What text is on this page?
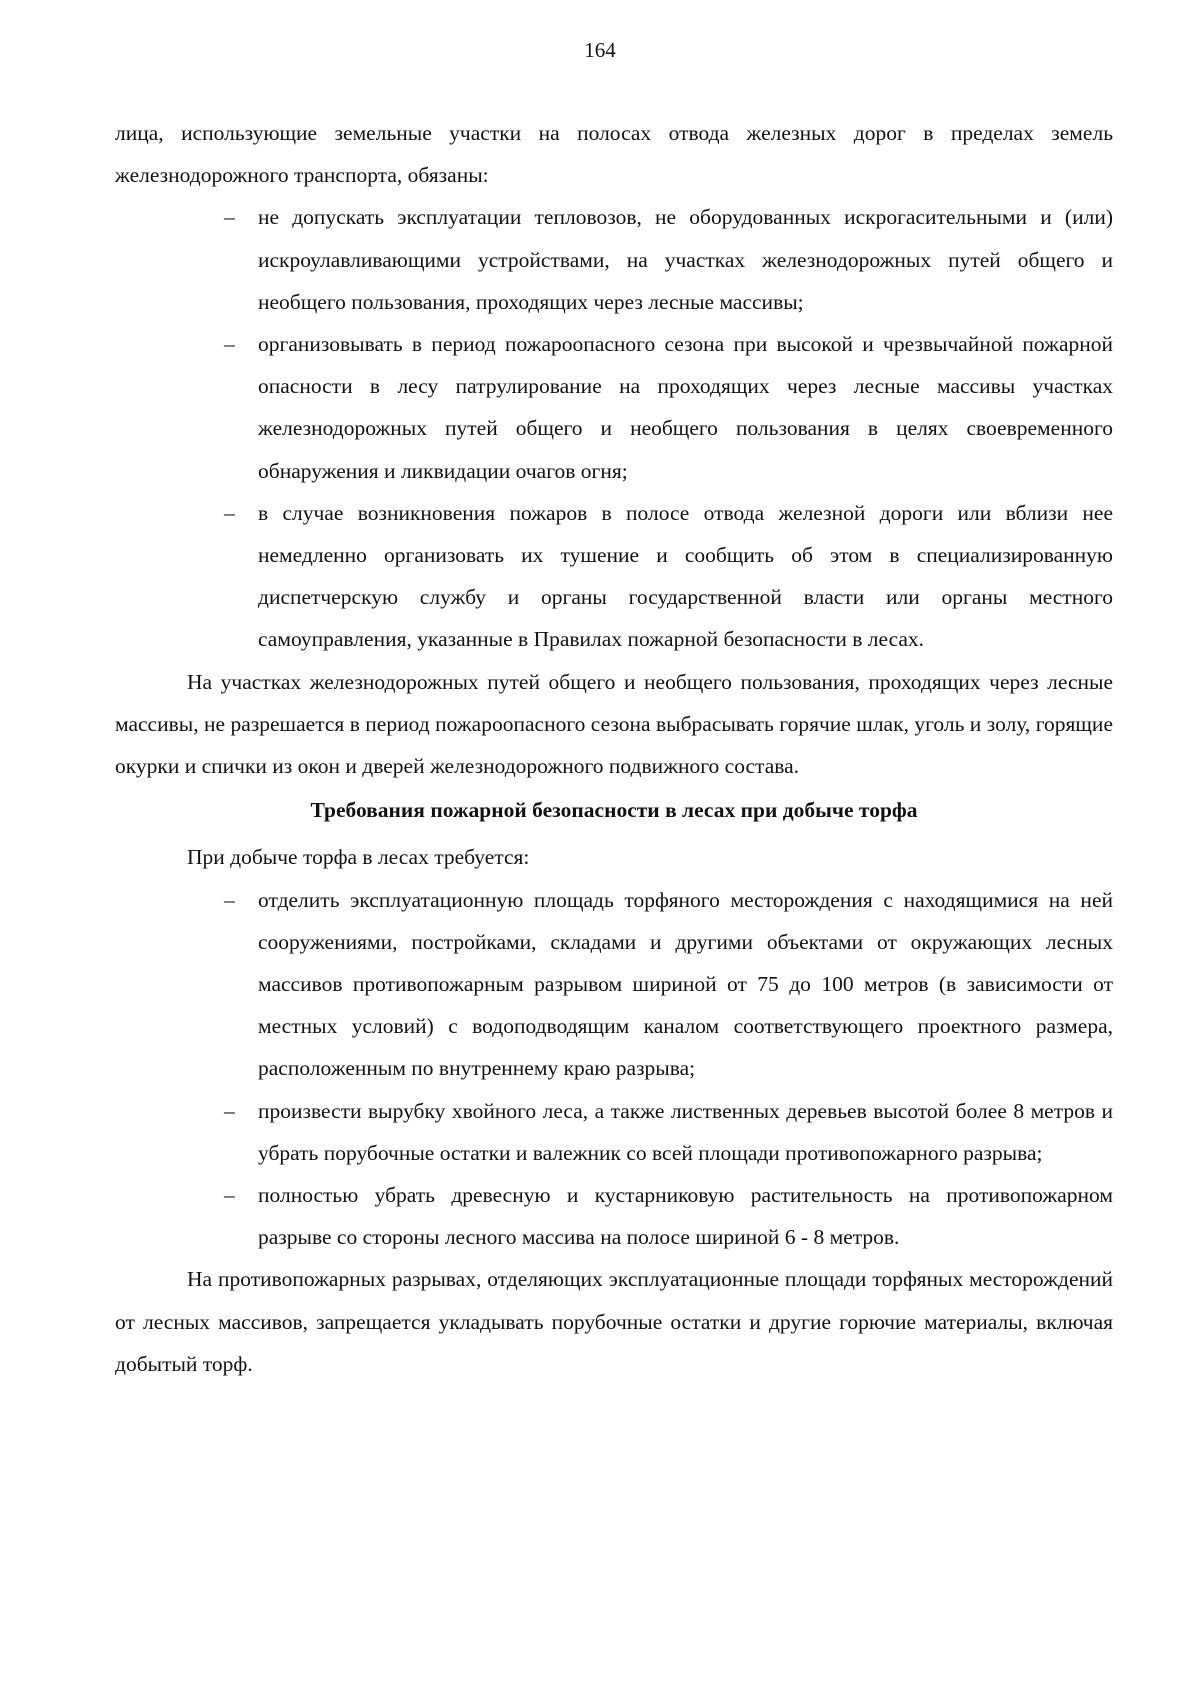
164

лица, использующие земельные участки на полосах отвода железных дорог в пределах земель железнодорожного транспорта, обязаны:

– не допускать эксплуатации тепловозов, не оборудованных искрогасительными и (или) искроулавливающими устройствами, на участках железнодорожных путей общего и необщего пользования, проходящих через лесные массивы;
– организовывать в период пожароопасного сезона при высокой и чрезвычайной пожарной опасности в лесу патрулирование на проходящих через лесные массивы участках железнодорожных путей общего и необщего пользования в целях своевременного обнаружения и ликвидации очагов огня;
– в случае возникновения пожаров в полосе отвода железной дороги или вблизи нее немедленно организовать их тушение и сообщить об этом в специализированную диспетчерскую службу и органы государственной власти или органы местного самоуправления, указанные в Правилах пожарной безопасности в лесах.

На участках железнодорожных путей общего и необщего пользования, проходящих через лесные массивы, не разрешается в период пожароопасного сезона выбрасывать горячие шлак, уголь и золу, горящие окурки и спички из окон и дверей железнодорожного подвижного состава.

Требования пожарной безопасности в лесах при добыче торфа

При добыче торфа в лесах требуется:

– отделить эксплуатационную площадь торфяного месторождения с находящимися на ней сооружениями, постройками, складами и другими объектами от окружающих лесных массивов противопожарным разрывом шириной от 75 до 100 метров (в зависимости от местных условий) с водоподводящим каналом соответствующего проектного размера, расположенным по внутреннему краю разрыва;
– произвести вырубку хвойного леса, а также лиственных деревьев высотой более 8 метров и убрать порубочные остатки и валежник со всей площади противопожарного разрыва;
– полностью убрать древесную и кустарниковую растительность на противопожарном разрыве со стороны лесного массива на полосе шириной 6 - 8 метров.

На противопожарных разрывах, отделяющих эксплуатационные площади торфяных месторождений от лесных массивов, запрещается укладывать порубочные остатки и другие горючие материалы, включая добытый торф.
